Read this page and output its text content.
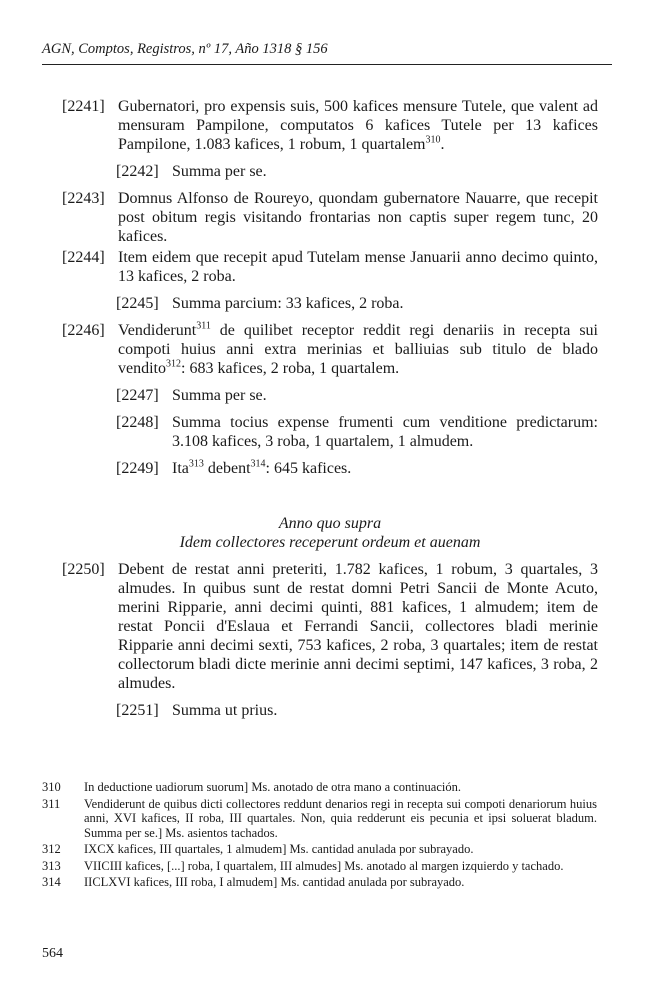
AGN, Comptos, Registros, nº 17, Año 1318 § 156
[2241] Gubernatori, pro expensis suis, 500 kafices mensure Tutele, que valent ad mensuram Pampilone, computatos 6 kafices Tutele per 13 kafices Pampilone, 1.083 kafices, 1 robum, 1 quartalem$^{310}$.
[2242] Summa per se.
[2243] Domnus Alfonso de Roureyo, quondam gubernatore Nauarre, que recepit post obitum regis visitando frontarias non captis super regem tunc, 20 kafices.
[2244] Item eidem que recepit apud Tutelam mense Januarii anno decimo quinto, 13 kafices, 2 roba.
[2245] Summa parcium: 33 kafices, 2 roba.
[2246] Vendiderunt$^{311}$ de quilibet receptor reddit regi denariis in recepta sui compoti huius anni extra merinias et balliuias sub titulo de blado vendito$^{312}$: 683 kafices, 2 roba, 1 quartalem.
[2247] Summa per se.
[2248] Summa tocius expense frumenti cum venditione predictarum: 3.108 kafices, 3 roba, 1 quartalem, 1 almudem.
[2249] Ita$^{313}$ debent$^{314}$: 645 kafices.
Anno quo supra
Idem collectores receperunt ordeum et auenam
[2250] Debent de restat anni preteriti, 1.782 kafices, 1 robum, 3 quartales, 3 almudes. In quibus sunt de restat domni Petri Sancii de Monte Acuto, merini Ripparie, anni decimi quinti, 881 kafices, 1 almudem; item de restat Poncii d'Eslaua et Ferrandi Sancii, collectores bladi merinie Ripparie anni decimi sexti, 753 kafices, 2 roba, 3 quartales; item de restat collectorum bladi dicte merinie anni decimi septimi, 147 kafices, 3 roba, 2 almudes.
[2251] Summa ut prius.
310 In deductione uadiorum suorum] Ms. anotado de otra mano a continuación.
311 Vendiderunt de quibus dicti collectores reddunt denarios regi in recepta sui compoti denariorum huius anni, XVI kafices, II roba, III quartales. Non, quia redderunt eis pecunia et ipsi soluerat bladum. Summa per se.] Ms. asientos tachados.
312 IXCX kafices, III quartales, 1 almudem] Ms. cantidad anulada por subrayado.
313 VIICIII kafices, [...] roba, I quartalem, III almudes] Ms. anotado al margen izquierdo y tachado.
314 IICLXVI kafices, III roba, I almudem] Ms. cantidad anulada por subrayado.
564
